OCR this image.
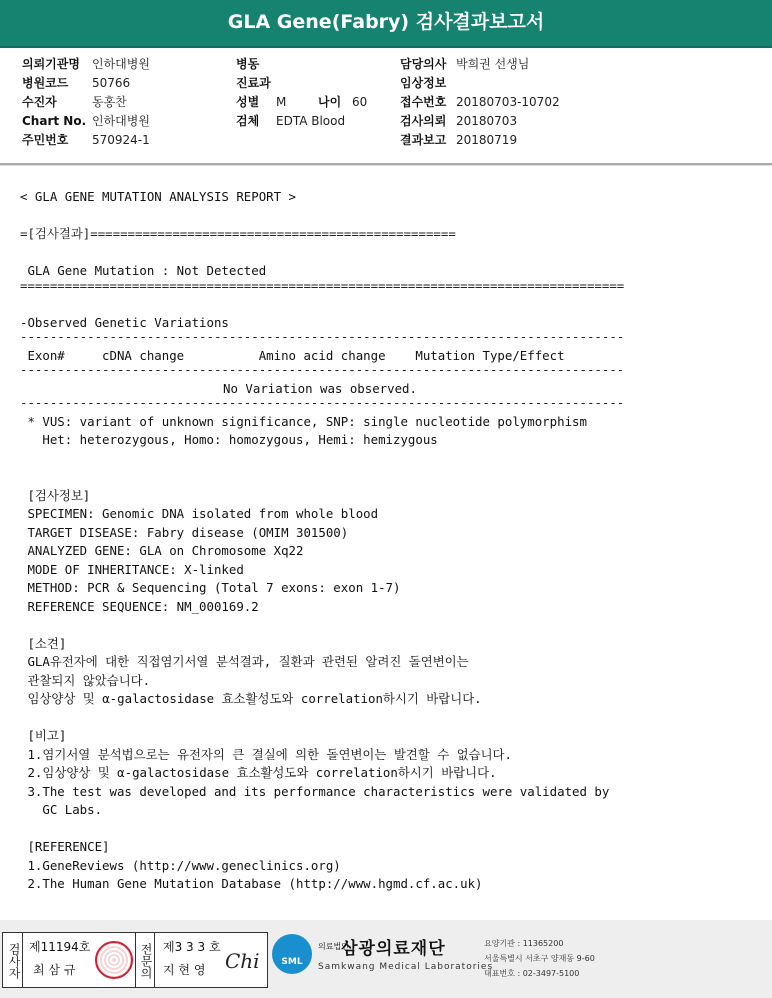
GLA Gene(Fabry) 검사결과보고서
의뢰기관명 인하대병원
병원코드 50766
수진자	동홍찬
Chart No. 인하대병원
주민번호 570924-1
병동
진료과
성별 M	나이 60
검체 EDTA Blood
담당의사 박희권 선생님
임상정보
접수번호 20180703-10702
검사의뢰 20180703
결과보고 20180719
< GLA GENE MUTATION ANALYSIS REPORT >
=[검사결과]=================================================
GLA Gene Mutation : Not Detected
=================================================================================
-Observed Genetic Variations
---------------------------------------------------------------------------------
Exon#     cDNA change          Amino acid change    Mutation Type/Effect
---------------------------------------------------------------------------------
No Variation was observed.
---------------------------------------------------------------------------------
* VUS: variant of unknown significance, SNP: single nucleotide polymorphism
Het: heterozygous, Homo: homozygous, Hemi: hemizygous
[검사정보]
SPECIMEN: Genomic DNA isolated from whole blood
TARGET DISEASE: Fabry disease (OMIM 301500)
ANALYZED GENE: GLA on Chromosome Xq22
MODE OF INHERITANCE: X-linked
METHOD: PCR & Sequencing (Total 7 exons: exon 1-7)
REFERENCE SEQUENCE: NM_000169.2
[소견]
GLA유전자에 대한 직접염기서열 분석결과, 질환과 관련된 알려진 돌연변이는
관찰되지 않았습니다.
임상양상 및 α-galactosidase 효소활성도와 correlation하시기 바랍니다.
[비고]
1.염기서열 분석법으로는 유전자의 큰 결실에 의한 돌연변이는 발견할 수 없습니다.
2.임상양상 및 α-galactosidase 효소활성도와 correlation하시기 바랍니다.
3.The test was developed and its performance characteristics were validated by
GC Labs.
[REFERENCE]
1.GeneReviews (http://www.geneclinics.org)
2.The Human Gene Mutation Database (http://www.hgmd.cf.ac.uk)
검사자 제11194호
최 삼 규	전문의 제3 3 3 호
지 현 영 Chi	SML
의료법인 삼광의료재단
Samkwang Medical Laboratories
요양기관 : 11365200
서울특별시 서초구 양재동 9-60
대표번호 : 02-3497-5100
